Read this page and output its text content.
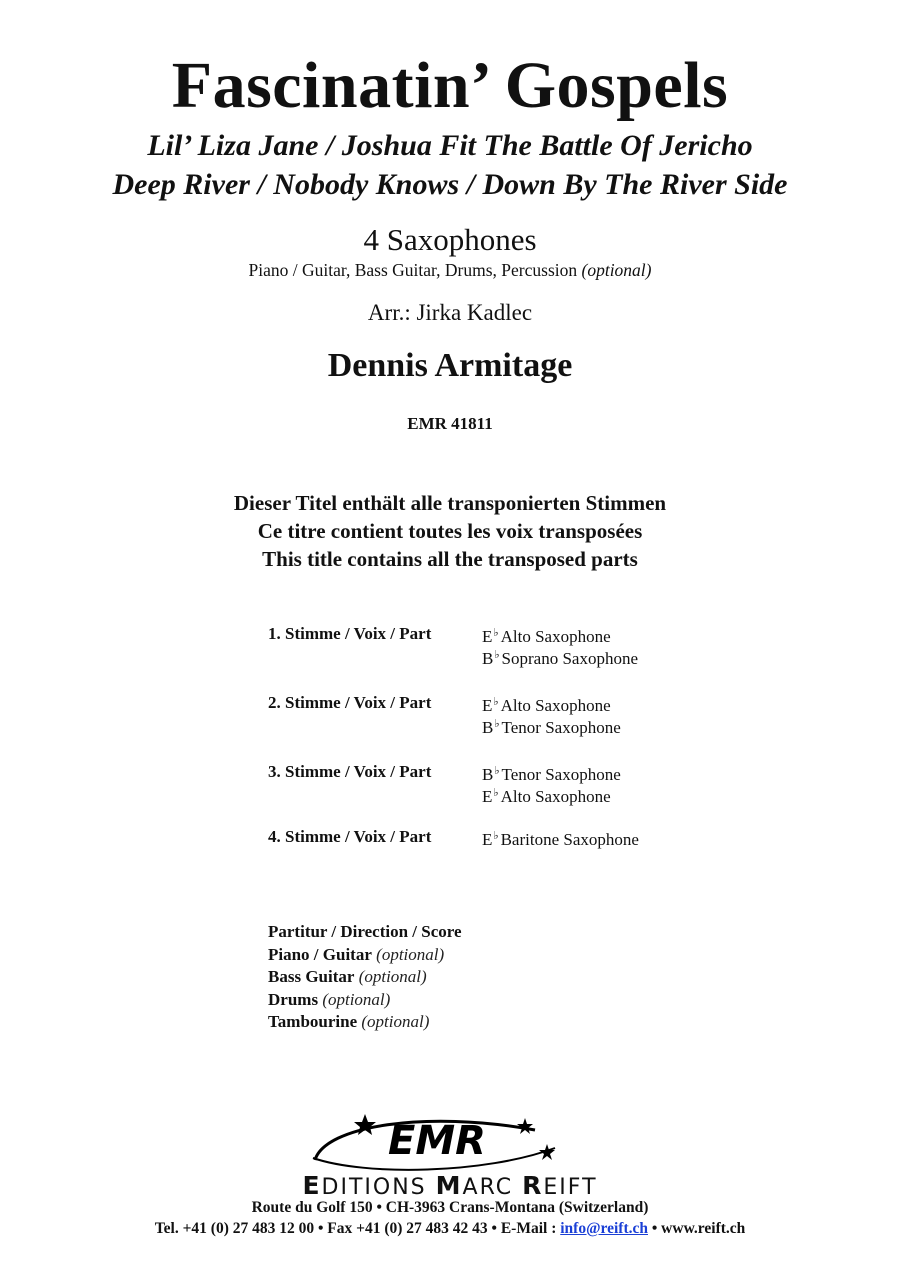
Fascinatin’ Gospels
Lil’ Liza Jane / Joshua Fit The Battle Of Jericho
Deep River / Nobody Knows / Down By The River Side
4 Saxophones
Piano / Guitar, Bass Guitar, Drums, Percussion (optional)
Arr.: Jirka Kadlec
Dennis Armitage
EMR 41811
Dieser Titel enthält alle transponierten Stimmen
Ce titre contient toutes les voix transposées
This title contains all the transposed parts
1. Stimme / Voix / Part	E♭ Alto Saxophone
B♭ Soprano Saxophone
2. Stimme / Voix / Part	E♭ Alto Saxophone
B♭ Tenor Saxophone
3. Stimme / Voix / Part	B♭ Tenor Saxophone
E♭ Alto Saxophone
4. Stimme / Voix / Part	E♭ Baritone Saxophone
Partitur / Direction / Score
Piano / Guitar (optional)
Bass Guitar (optional)
Drums (optional)
Tambourine (optional)
EMR
EDITIONS MARC REIFT
Route du Golf 150 • CH-3963 Crans-Montana (Switzerland)
Tel. +41 (0) 27 483 12 00 • Fax +41 (0) 27 483 42 43 • E-Mail : info@reift.ch • www.reift.ch
